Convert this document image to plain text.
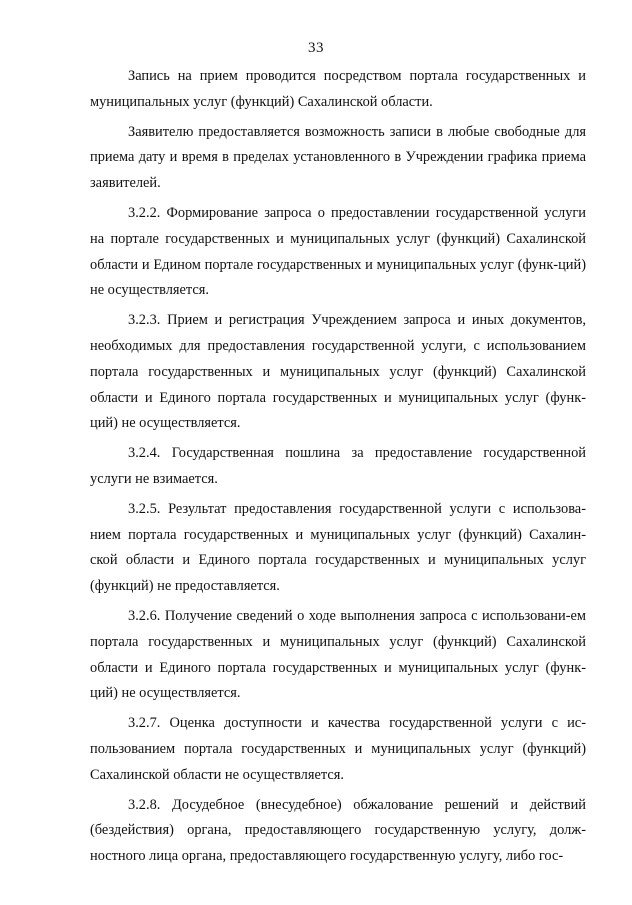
33

Запись на прием проводится посредством портала государственных и муниципальных услуг (функций) Сахалинской области.

Заявителю предоставляется возможность записи в любые свободные для приема дату и время в пределах установленного в Учреждении графика приема заявителей.

3.2.2. Формирование запроса о предоставлении государственной услуги на портале государственных и муниципальных услуг (функций) Сахалинской области и Едином портале государственных и муниципальных услуг (функ-ций) не осуществляется.

3.2.3. Прием и регистрация Учреждением запроса и иных документов, необходимых для предоставления государственной услуги, с использованием портала государственных и муниципальных услуг (функций) Сахалинской области и Единого портала государственных и муниципальных услуг (функ-ций) не осуществляется.

3.2.4. Государственная пошлина за предоставление государственной услуги не взимается.

3.2.5. Результат предоставления государственной услуги с использова-нием портала государственных и муниципальных услуг (функций) Сахалин-ской области и Единого портала государственных и муниципальных услуг (функций) не предоставляется.

3.2.6. Получение сведений о ходе выполнения запроса с использовани-ем портала государственных и муниципальных услуг (функций) Сахалинской области и Единого портала государственных и муниципальных услуг (функ-ций) не осуществляется.

3.2.7. Оценка доступности и качества государственной услуги с ис-пользованием портала государственных и муниципальных услуг (функций) Сахалинской области не осуществляется.

3.2.8. Досудебное (внесудебное) обжалование решений и действий (бездействия) органа, предоставляющего государственную услугу, долж-ностного лица органа, предоставляющего государственную услугу, либо гос-
